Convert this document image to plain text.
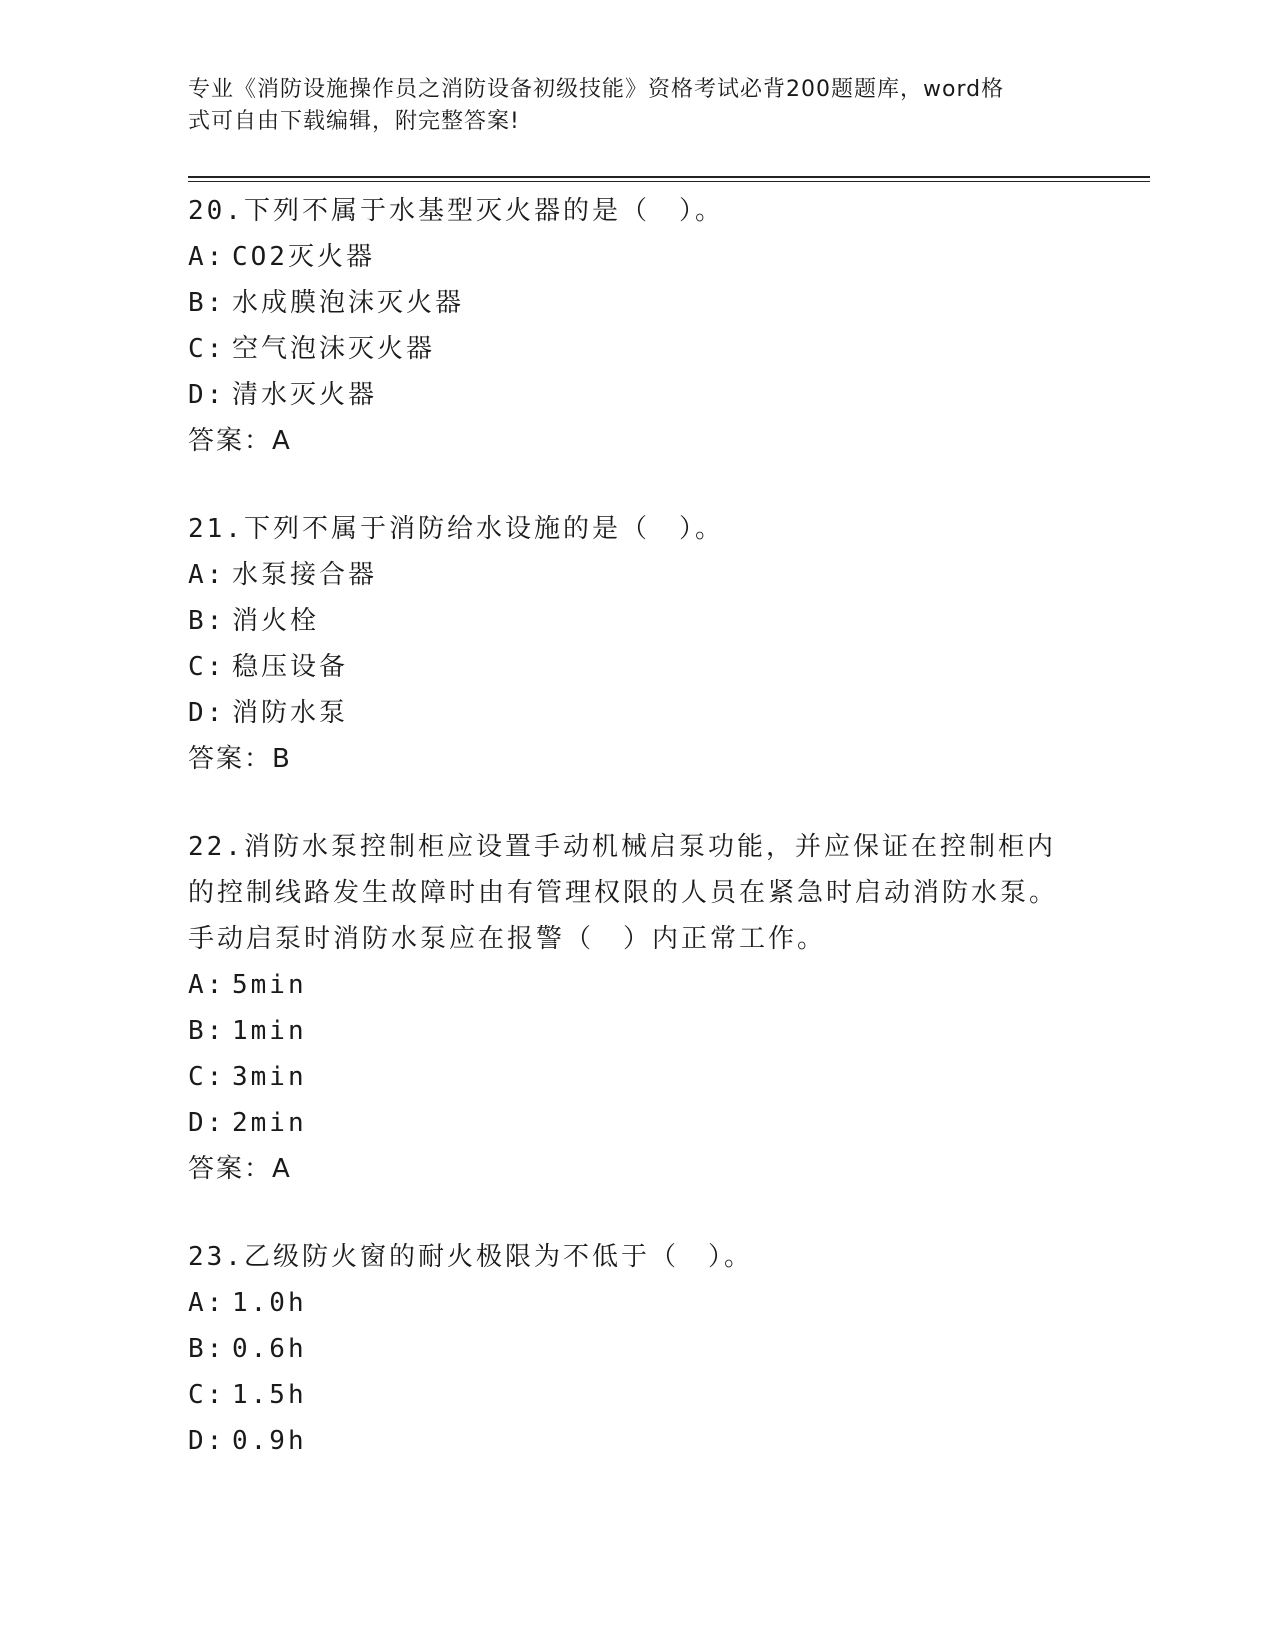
专业《消防设施操作员之消防设备初级技能》资格考试必背200题题库，word格
式可自由下载编辑，附完整答案!

20.下列不属于水基型灭火器的是（　）。

A: CO2灭火器

B: 水成膜泡沫灭火器

C: 空气泡沫灭火器

D: 清水灭火器

答案：A

21.下列不属于消防给水设施的是（　）。

A: 水泵接合器

B: 消火栓

C: 稳压设备

D: 消防水泵

答案：B

22.消防水泵控制柜应设置手动机械启泵功能，并应保证在控制柜内的控制线路发生故障时由有管理权限的人员在紧急时启动消防水泵。手动启泵时消防水泵应在报警（　）内正常工作。

A: 5min

B: 1min

C: 3min

D: 2min

答案：A

23.乙级防火窗的耐火极限为不低于（　）。

A: 1.0h

B: 0.6h

C: 1.5h

D: 0.9h
